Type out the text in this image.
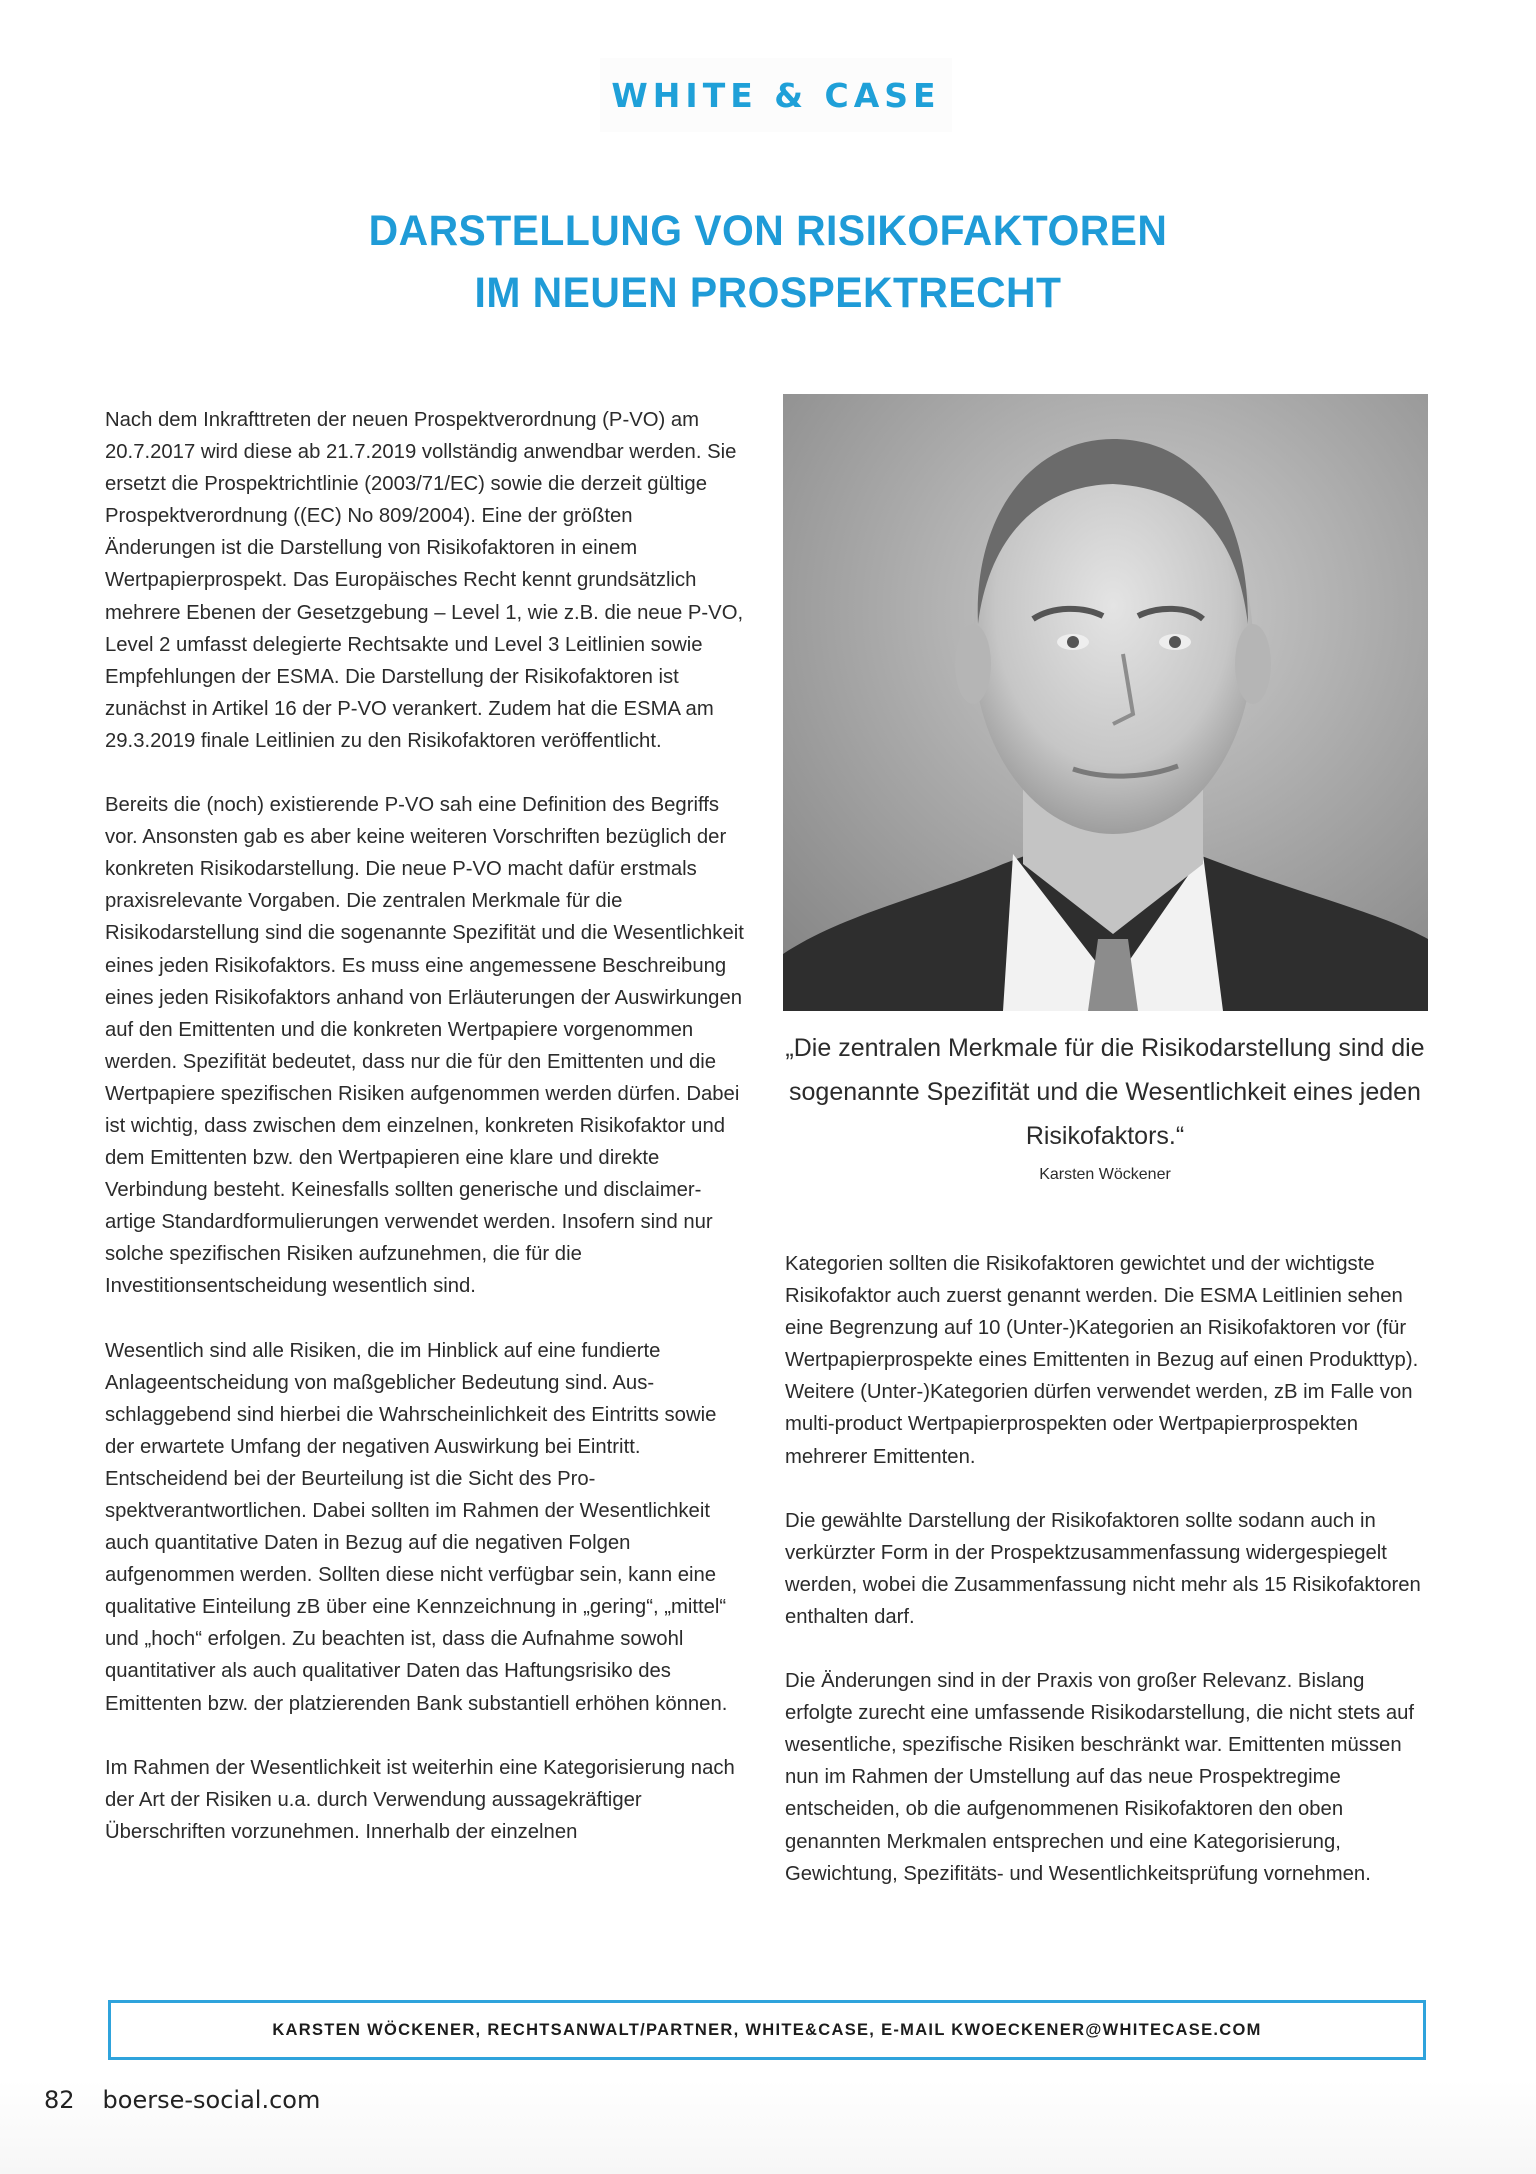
WHITE & CASE
DARSTELLUNG VON RISIKOFAKTOREN
IM NEUEN PROSPEKTRECHT

Nach dem Inkrafttreten der neuen Prospektverordnung (P-VO) am 20.7.2017 wird diese ab 21.7.2019 vollständig anwendbar werden. Sie ersetzt die Prospektrichtlinie (2003/71/EC) sowie die derzeit gültige Prospektverordnung ((EC) No 809/2004). Eine der größten Änderungen ist die Darstellung von Risikofaktoren in einem Wertpapierprospekt. Das Europäisches Recht kennt grundsätzlich mehrere Ebenen der Gesetzgebung – Level 1, wie z.B. die neue P-VO, Level 2 umfasst delegierte Rechtsakte und Level 3 Leitlinien sowie Empfehlungen der ESMA. Die Darstellung der Risikofaktoren ist zunächst in Artikel 16 der P-VO verankert. Zudem hat die ESMA am 29.3.2019 finale Leitlinien zu den Risikofaktoren veröffentlicht.

Bereits die (noch) existierende P-VO sah eine Definition des Begriffs vor. Ansonsten gab es aber keine weiteren Vorschriften bezüglich der konkreten Risikodarstellung. Die neue P-VO macht dafür erstmals praxisrelevante Vorgaben. Die zentralen Merkmale für die Risikodarstellung sind die sogenannte Spezifität und die Wesentlichkeit eines jeden Risikofaktors. Es muss eine angemessene Beschreibung eines jeden Risikofaktors anhand von Erläuterungen der Auswirkungen auf den Emittenten und die konkreten Wertpapiere vorgenommen werden. Spezifität bedeutet, dass nur die für den Emittenten und die Wertpapiere spezifischen Risiken aufgenommen werden dürfen. Dabei ist wichtig, dass zwischen dem einzelnen, konkreten Risikofaktor und dem Emittenten bzw. den Wertpapieren eine klare und direkte Verbindung besteht. Keinesfalls sollten generische und disclaimer-artige Standardformulierungen verwendet werden. Insofern sind nur solche spezifischen Risiken aufzunehmen, die für die Investitionsentscheidung wesentlich sind.

Wesentlich sind alle Risiken, die im Hinblick auf eine fundierte Anlageentscheidung von maßgeblicher Bedeutung sind. Ausschlaggebend sind hierbei die Wahrscheinlichkeit des Eintritts sowie der erwartete Umfang der negativen Auswirkung bei Eintritt. Entscheidend bei der Beurteilung ist die Sicht des Prospektverantwortlichen. Dabei sollten im Rahmen der Wesentlichkeit auch quantitative Daten in Bezug auf die negativen Folgen aufgenommen werden. Sollten diese nicht verfügbar sein, kann eine qualitative Einteilung zB über eine Kennzeichnung in „gering“, „mittel“ und „hoch“ erfolgen. Zu beachten ist, dass die Aufnahme sowohl quantitativer als auch qualitativer Daten das Haftungsrisiko des Emittenten bzw. der platzierenden Bank substantiell erhöhen können.

Im Rahmen der Wesentlichkeit ist weiterhin eine Kategorisierung nach der Art der Risiken u.a. durch Verwendung aussagekräftiger Überschriften vorzunehmen. Innerhalb der einzelnen

„Die zentralen Merkmale für die Risikodarstellung sind die sogenannte Spezifität und die Wesentlichkeit eines jeden Risikofaktors.“
Karsten Wöckener

Kategorien sollten die Risikofaktoren gewichtet und der wichtigste Risikofaktor auch zuerst genannt werden. Die ESMA Leitlinien sehen eine Begrenzung auf 10 (Unter-)Kategorien an Risikofaktoren vor (für Wertpapierprospekte eines Emittenten in Bezug auf einen Produkttyp). Weitere (Unter-)Kategorien dürfen verwendet werden, zB im Falle von multi-product Wertpapierprospekten oder Wertpapierprospekten mehrerer Emittenten.

Die gewählte Darstellung der Risikofaktoren sollte sodann auch in verkürzter Form in der Prospektzusammenfassung widergespiegelt werden, wobei die Zusammenfassung nicht mehr als 15 Risikofaktoren enthalten darf.

Die Änderungen sind in der Praxis von großer Relevanz. Bislang erfolgte zurecht eine umfassende Risikodarstellung, die nicht stets auf wesentliche, spezifische Risiken beschränkt war. Emittenten müssen nun im Rahmen der Umstellung auf das neue Prospektregime entscheiden, ob die aufgenommenen Risikofaktoren den oben genannten Merkmalen entsprechen und eine Kategorisierung, Gewichtung, Spezifitäts- und Wesentlichkeitsprüfung vornehmen.

KARSTEN WÖCKENER, RECHTSANWALT/PARTNER, WHITE&CASE, E-MAIL KWOECKENER@WHITECASE.COM
82 boerse-social.com
